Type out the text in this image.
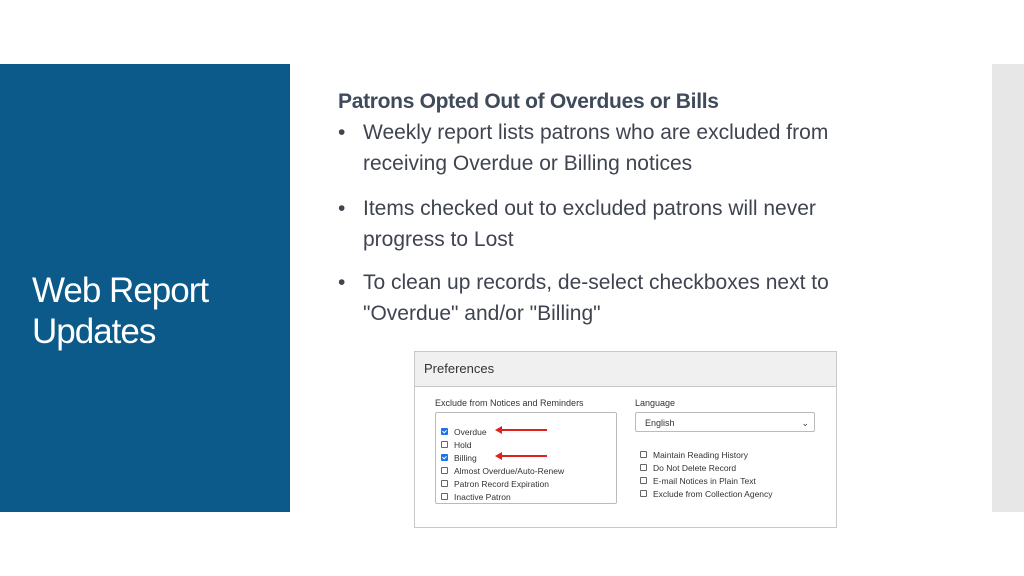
Web Report
Updates
Patrons Opted Out of Overdues or Bills
• Weekly report lists patrons who are excluded from
receiving Overdue or Billing notices
• Items checked out to excluded patrons will never
progress to Lost
• To clean up records, de-select checkboxes next to
"Overdue" and/or "Billing"
Preferences
Exclude from Notices and Reminders
Overdue
Hold
Billing
Almost Overdue/Auto-Renew
Patron Record Expiration
Inactive Patron
Language
English	⌄
Maintain Reading History
Do Not Delete Record
E-mail Notices in Plain Text
Exclude from Collection Agency
